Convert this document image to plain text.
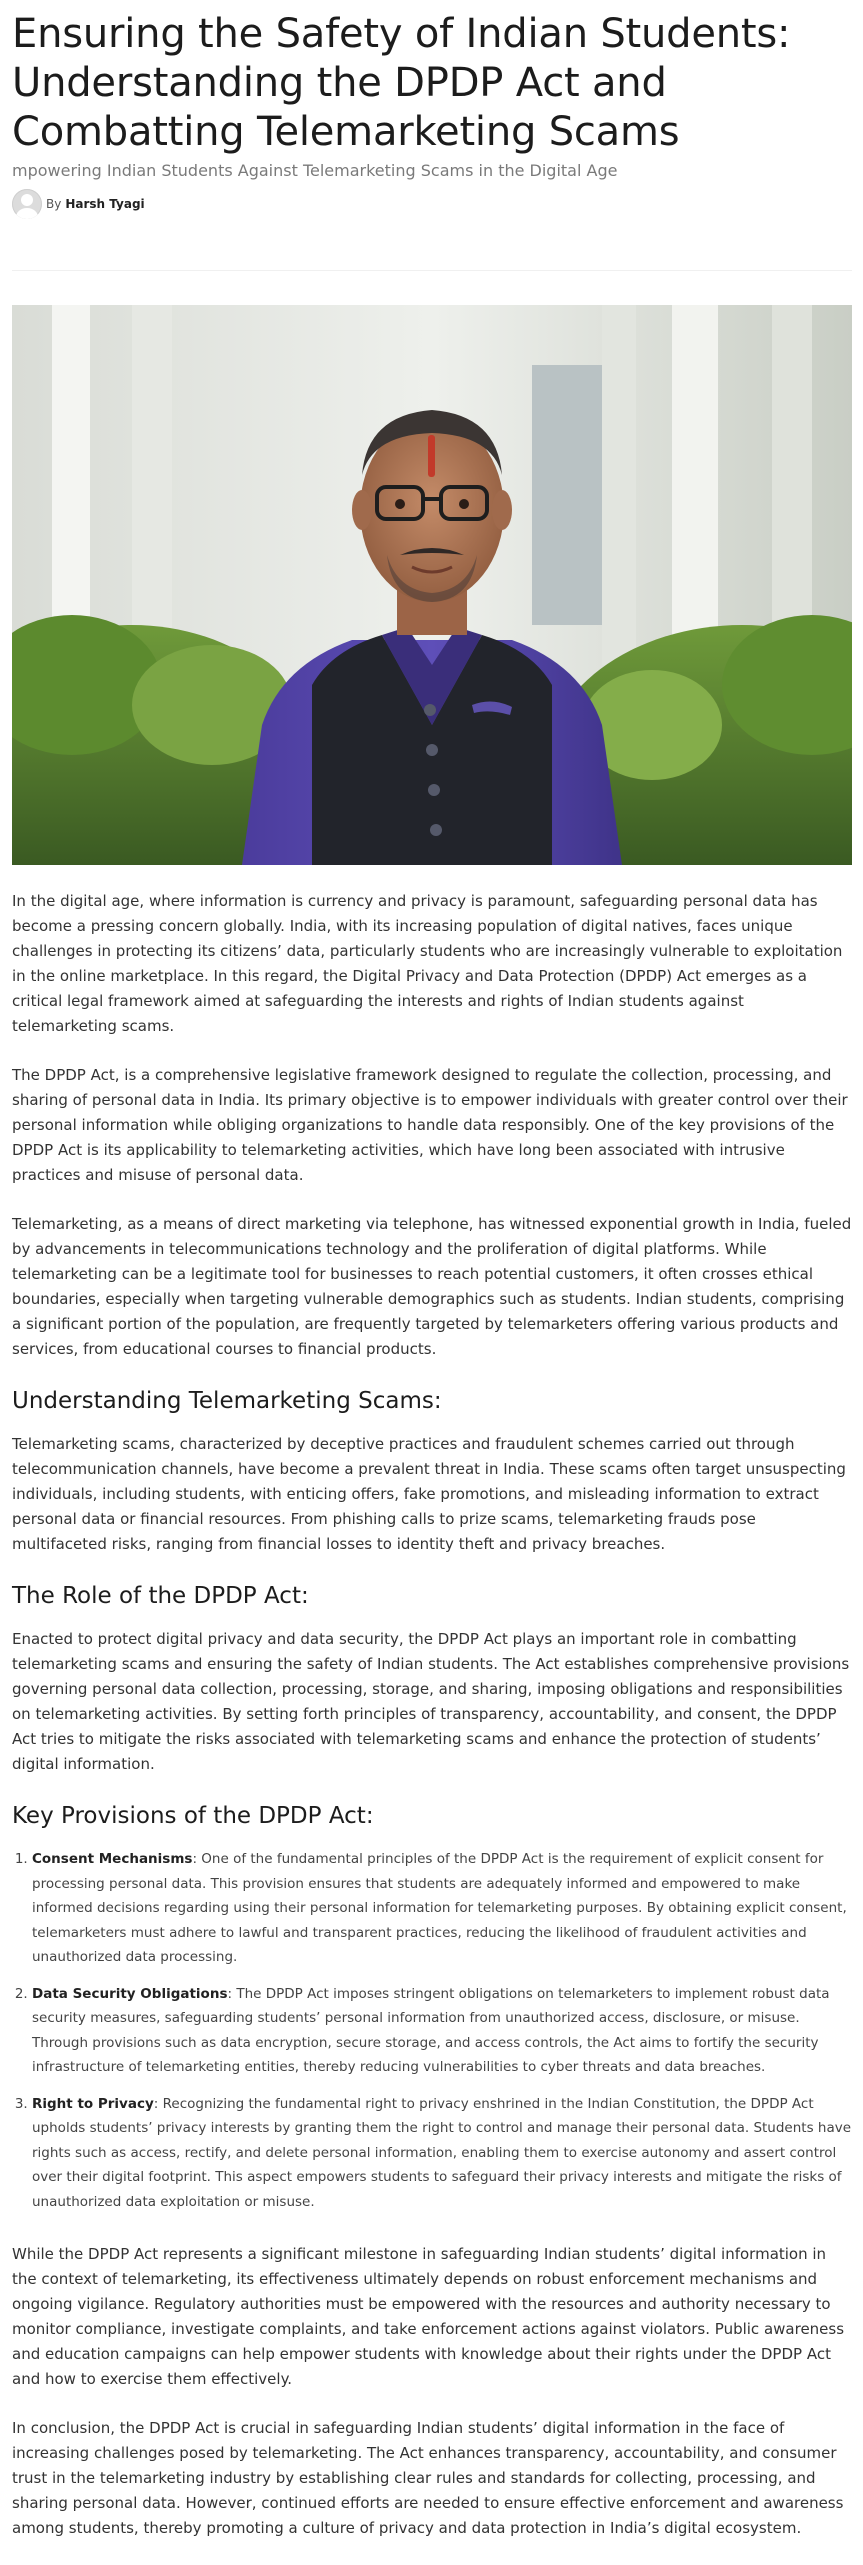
Ensuring the Safety of Indian Students: Understanding the DPDP Act and Combatting Telemarketing Scams

mpowering Indian Students Against Telemarketing Scams in the Digital Age

By Harsh Tyagi

In the digital age, where information is currency and privacy is paramount, safeguarding personal data has become a pressing concern globally. India, with its increasing population of digital natives, faces unique challenges in protecting its citizens’ data, particularly students who are increasingly vulnerable to exploitation in the online marketplace. In this regard, the Digital Privacy and Data Protection (DPDP) Act emerges as a critical legal framework aimed at safeguarding the interests and rights of Indian students against telemarketing scams.

The DPDP Act, is a comprehensive legislative framework designed to regulate the collection, processing, and sharing of personal data in India. Its primary objective is to empower individuals with greater control over their personal information while obliging organizations to handle data responsibly. One of the key provisions of the DPDP Act is its applicability to telemarketing activities, which have long been associated with intrusive practices and misuse of personal data.

Telemarketing, as a means of direct marketing via telephone, has witnessed exponential growth in India, fueled by advancements in telecommunications technology and the proliferation of digital platforms. While telemarketing can be a legitimate tool for businesses to reach potential customers, it often crosses ethical boundaries, especially when targeting vulnerable demographics such as students. Indian students, comprising a significant portion of the population, are frequently targeted by telemarketers offering various products and services, from educational courses to financial products.

Understanding Telemarketing Scams:

Telemarketing scams, characterized by deceptive practices and fraudulent schemes carried out through telecommunication channels, have become a prevalent threat in India. These scams often target unsuspecting individuals, including students, with enticing offers, fake promotions, and misleading information to extract personal data or financial resources. From phishing calls to prize scams, telemarketing frauds pose multifaceted risks, ranging from financial losses to identity theft and privacy breaches.

The Role of the DPDP Act:

Enacted to protect digital privacy and data security, the DPDP Act plays an important role in combatting telemarketing scams and ensuring the safety of Indian students. The Act establishes comprehensive provisions governing personal data collection, processing, storage, and sharing, imposing obligations and responsibilities on telemarketing activities. By setting forth principles of transparency, accountability, and consent, the DPDP Act tries to mitigate the risks associated with telemarketing scams and enhance the protection of students’ digital information.

Key Provisions of the DPDP Act:
1. Consent Mechanisms: One of the fundamental principles of the DPDP Act is the requirement of explicit consent for processing personal data. This provision ensures that students are adequately informed and empowered to make informed decisions regarding using their personal information for telemarketing purposes. By obtaining explicit consent, telemarketers must adhere to lawful and transparent practices, reducing the likelihood of fraudulent activities and unauthorized data processing.
2. Data Security Obligations: The DPDP Act imposes stringent obligations on telemarketers to implement robust data security measures, safeguarding students’ personal information from unauthorized access, disclosure, or misuse. Through provisions such as data encryption, secure storage, and access controls, the Act aims to fortify the security infrastructure of telemarketing entities, thereby reducing vulnerabilities to cyber threats and data breaches.
3. Right to Privacy: Recognizing the fundamental right to privacy enshrined in the Indian Constitution, the DPDP Act upholds students’ privacy interests by granting them the right to control and manage their personal data. Students have rights such as access, rectify, and delete personal information, enabling them to exercise autonomy and assert control over their digital footprint. This aspect empowers students to safeguard their privacy interests and mitigate the risks of unauthorized data exploitation or misuse.

While the DPDP Act represents a significant milestone in safeguarding Indian students’ digital information in the context of telemarketing, its effectiveness ultimately depends on robust enforcement mechanisms and ongoing vigilance. Regulatory authorities must be empowered with the resources and authority necessary to monitor compliance, investigate complaints, and take enforcement actions against violators. Public awareness and education campaigns can help empower students with knowledge about their rights under the DPDP Act and how to exercise them effectively.

In conclusion, the DPDP Act is crucial in safeguarding Indian students’ digital information in the face of increasing challenges posed by telemarketing. The Act enhances transparency, accountability, and consumer trust in the telemarketing industry by establishing clear rules and standards for collecting, processing, and sharing personal data. However, continued efforts are needed to ensure effective enforcement and awareness among students, thereby promoting a culture of privacy and data protection in India’s digital ecosystem.
